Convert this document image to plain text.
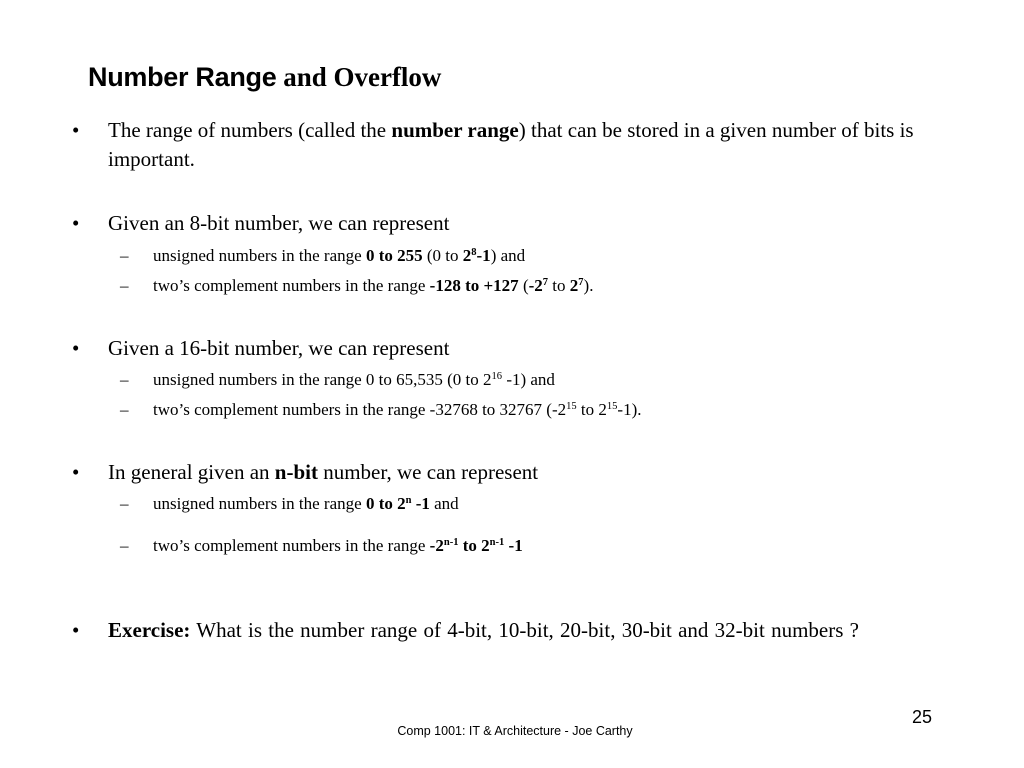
Number Range and Overflow
• The range of numbers (called the number range) that can be stored in a given number of bits is important.
• Given an 8-bit number, we can represent
– unsigned numbers in the range 0 to 255 (0 to $2^8-1$) and
– two’s complement numbers in the range -128 to +127 ($-2^7$ to $2^7$).
• Given a 16-bit number, we can represent
– unsigned numbers in the range 0 to 65,535 (0 to $2^{16}$ -1) and
– two’s complement numbers in the range -32768 to 32767 ($-2^{15}$ to $2^{15}-1$).
• In general given an n-bit number, we can represent
– unsigned numbers in the range 0 to 2$^n$ -1 and
– two’s complement numbers in the range -2$^{n-1}$ to 2$^{n-1}$ -1
• Exercise: What is the number range of 4-bit, 10-bit, 20-bit, 30-bit and 32-bit numbers ?
25
Comp 1001: IT & Architecture - Joe Carthy
